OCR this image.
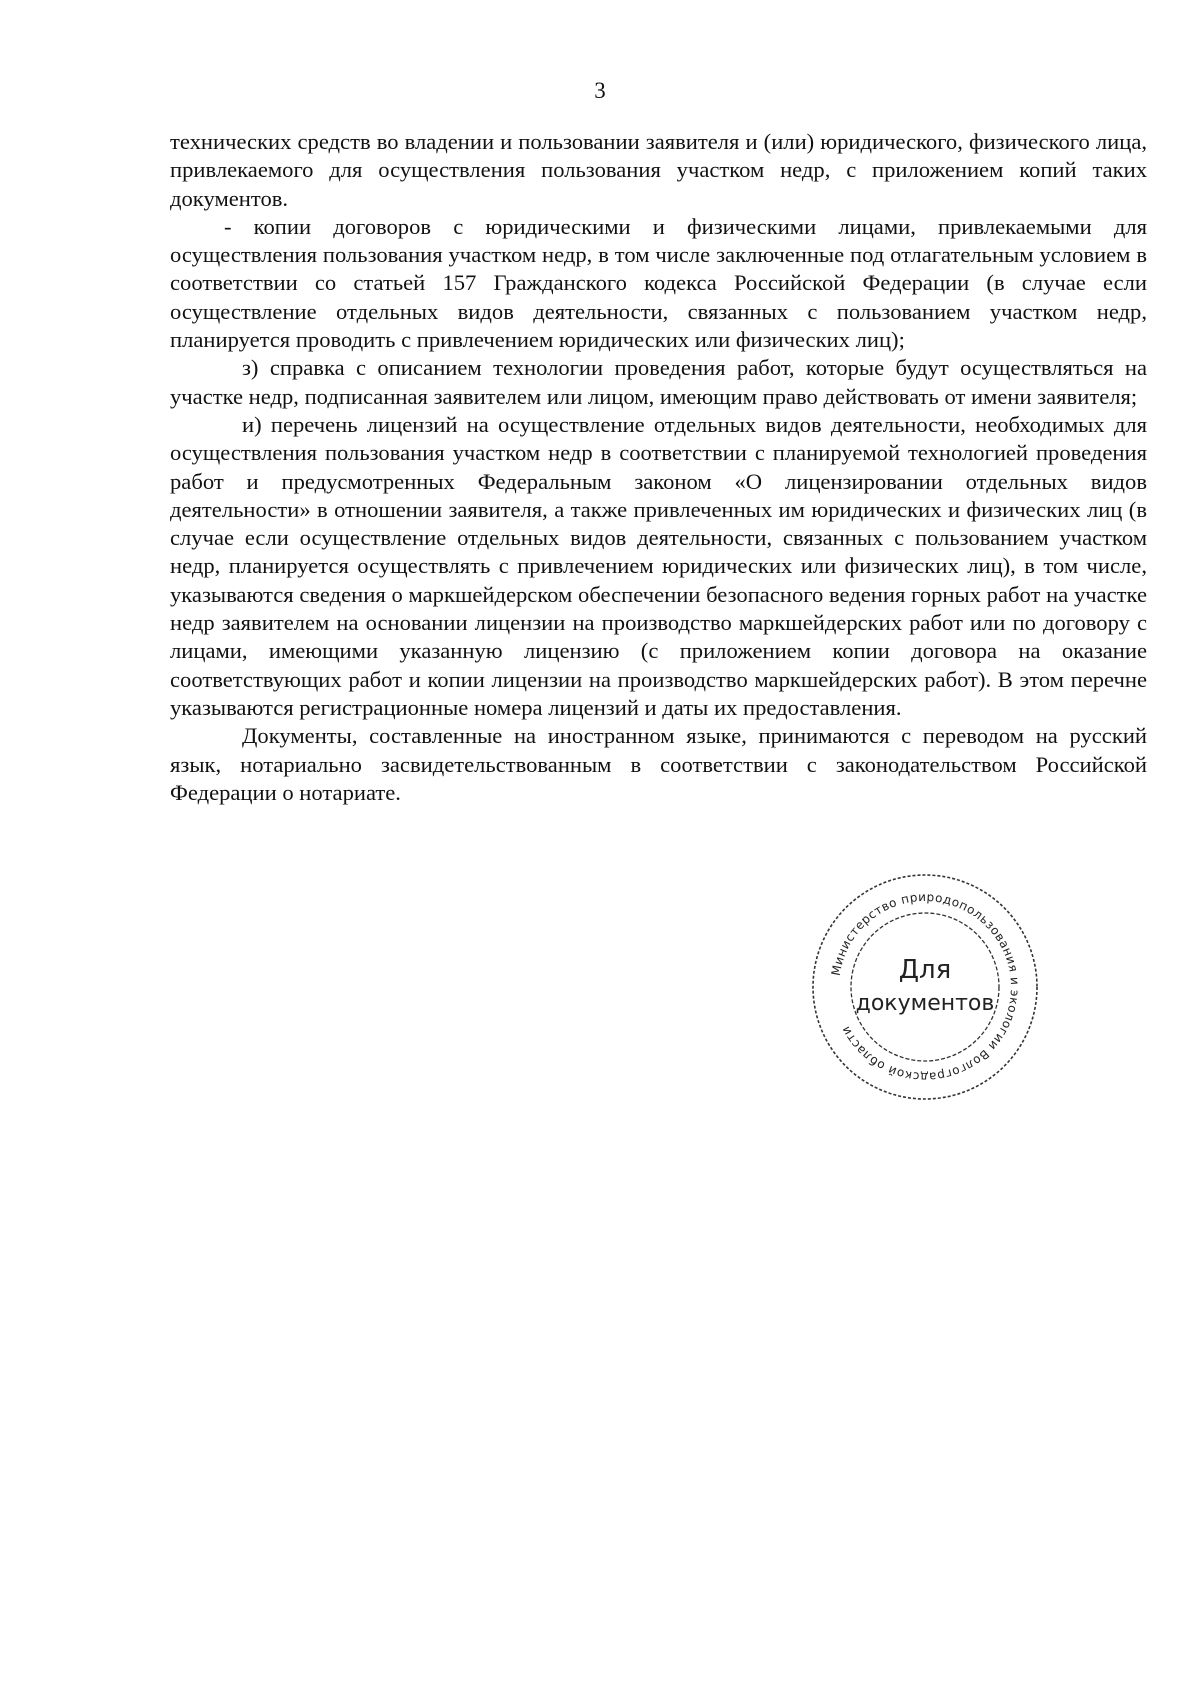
3

технических средств во владении и пользовании заявителя и (или) юридического, физического лица, привлекаемого для осуществления пользования участком недр, с приложением копий таких документов.

- копии договоров с юридическими и физическими лицами, привлекаемыми для осуществления пользования участком недр, в том числе заключенные под отлагательным условием в соответствии со статьей 157 Гражданского кодекса Российской Федерации (в случае если осуществление отдельных видов деятельности, связанных с пользованием участком недр, планируется проводить с привлечением юридических или физических лиц);

з) справка с описанием технологии проведения работ, которые будут осуществляться на участке недр, подписанная заявителем или лицом, имеющим право действовать от имени заявителя;

и) перечень лицензий на осуществление отдельных видов деятельности, необходимых для осуществления пользования участком недр в соответствии с планируемой технологией проведения работ и предусмотренных Федеральным законом «О лицензировании отдельных видов деятельности» в отношении заявителя, а также привлеченных им юридических и физических лиц (в случае если осуществление отдельных видов деятельности, связанных с пользованием участком недр, планируется осуществлять с привлечением юридических или физических лиц), в том числе, указываются сведения о маркшейдерском обеспечении безопасного ведения горных работ на участке недр заявителем на основании лицензии на производство маркшейдерских работ или по договору с лицами, имеющими указанную лицензию (с приложением копии договора на оказание соответствующих работ и копии лицензии на производство маркшейдерских работ). В этом перечне указываются регистрационные номера лицензий и даты их предоставления.

Документы, составленные на иностранном языке, принимаются с переводом на русский язык, нотариально засвидетельствованным в соответствии с законодательством Российской Федерации о нотариате.

Министерство природопользования и экологии Волгоградской области
Для
документов
